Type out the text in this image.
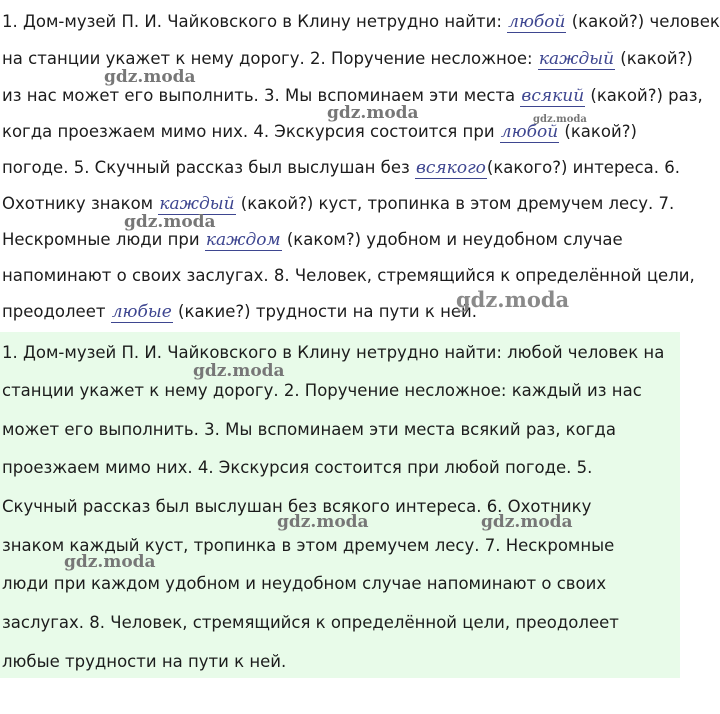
1. Дом-музей П. И. Чайковского в Клину нетрудно найти: любой (какой?) человек
на станции укажет к нему дорогу. 2. Поручение несложное: каждый (какой?)
из нас может его выполнить. 3. Мы вспоминаем эти места всякий (какой?) раз,
когда проезжаем мимо них. 4. Экскурсия состоится при любой (какой?)
погоде. 5. Скучный рассказ был выслушан без всякого(какого?) интереса. 6.
Охотнику знаком каждый (какой?) куст, тропинка в этом дремучем лесу. 7.
Нескромные люди при каждом (каком?) удобном и неудобном случае
напоминают о своих заслугах. 8. Человек, стремящийся к определённой цели,
преодолеет любые (какие?) трудности на пути к ней.
gdz.moda
gdz.moda	gdz.moda
gdz.moda
gdz.moda
1. Дом-музей П. И. Чайковского в Клину нетрудно найти: любой человек на
станции укажет к нему дорогу. 2. Поручение несложное: каждый из нас
может его выполнить. 3. Мы вспоминаем эти места всякий раз, когда
проезжаем мимо них. 4. Экскурсия состоится при любой погоде. 5.
Скучный рассказ был выслушан без всякого интереса. 6. Охотнику
знаком каждый куст, тропинка в этом дремучем лесу. 7. Нескромные
люди при каждом удобном и неудобном случае напоминают о своих
заслугах. 8. Человек, стремящийся к определённой цели, преодолеет
любые трудности на пути к ней.
gdz.moda
gdz.moda	gdz.moda
gdz.moda
